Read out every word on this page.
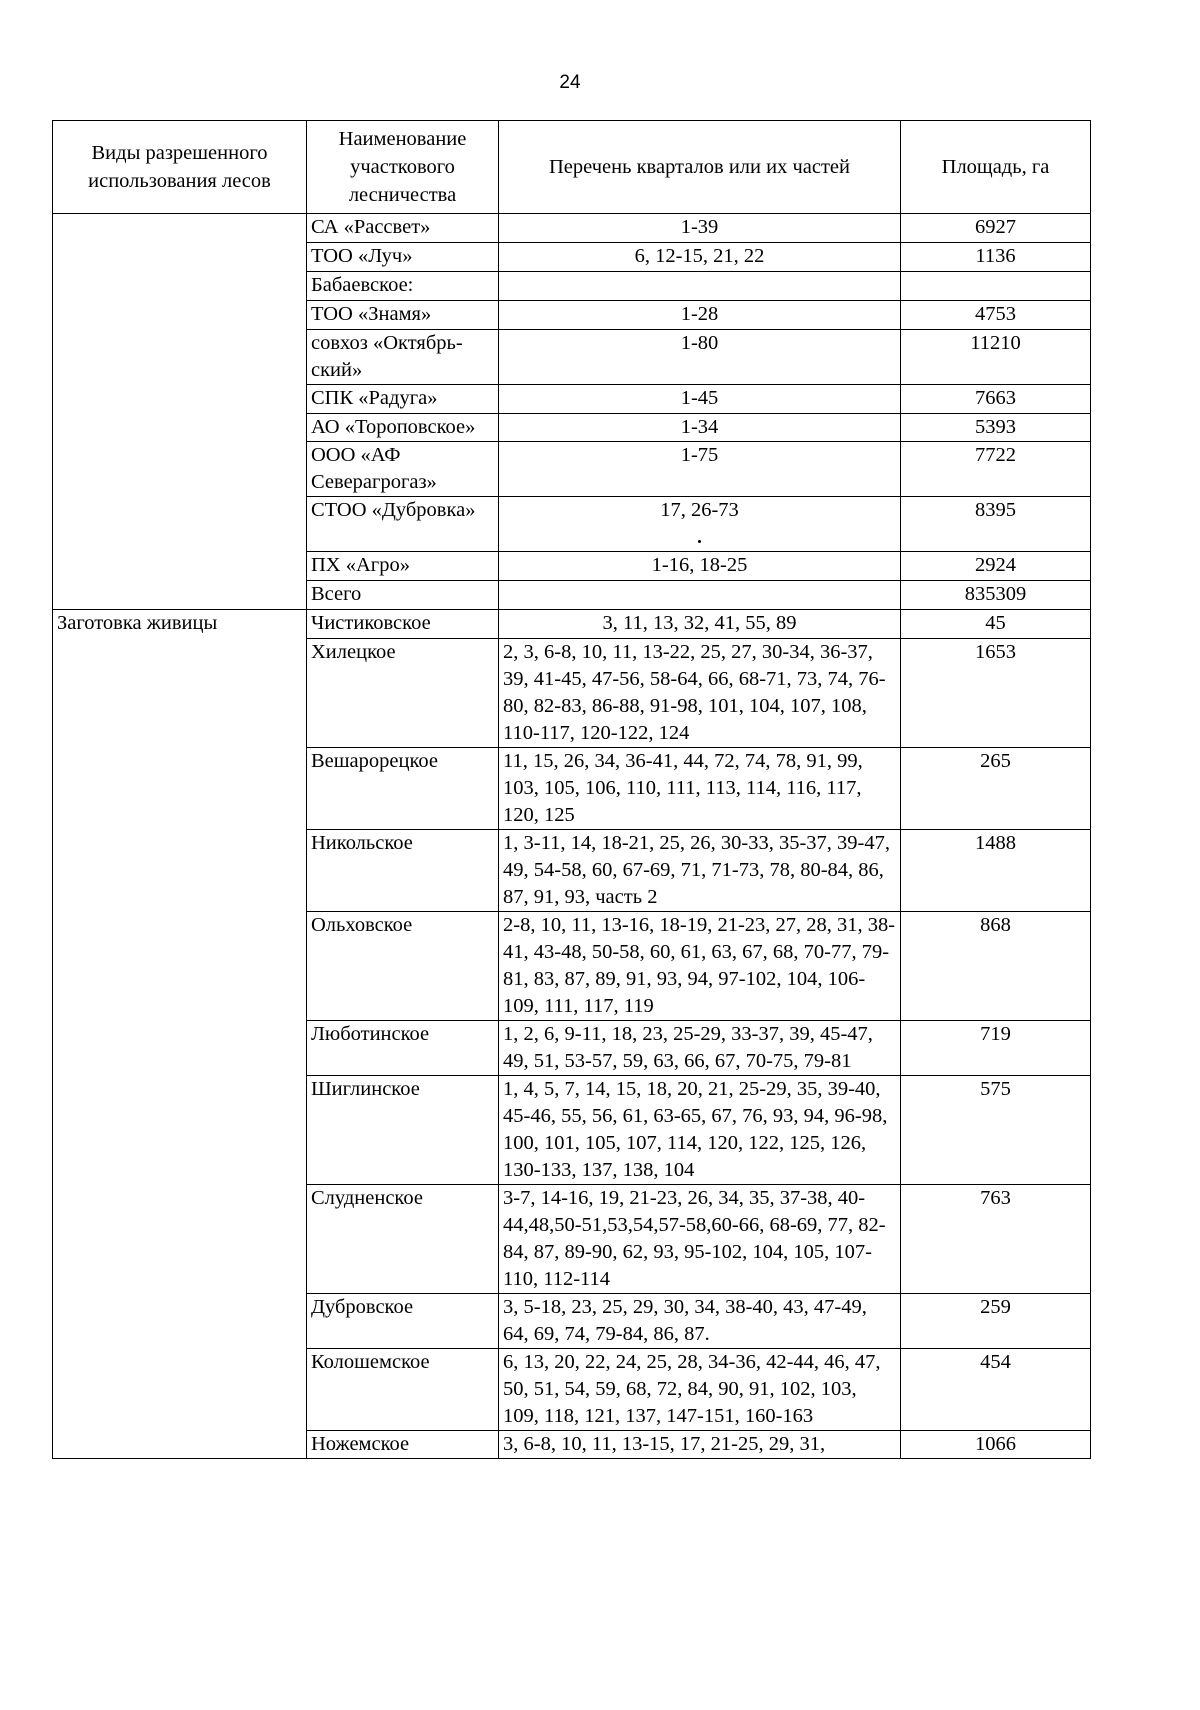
24
Виды разрешенного использования лесов	Наименование участкового лесничества	Перечень кварталов или их частей	Площадь, га
	СА «Рассвет»	1-39	6927
	ТОО «Луч»	6, 12-15, 21, 22	1136
	Бабаевское:		
	ТОО «Знамя»	1-28	4753
	совхоз «Октябрь-ский»	1-80	11210
	СПК «Радуга»	1-45	7663
	АО «Тороповское»	1-34	5393
	ООО «АФ Северагрогаз»	1-75	7722
	СТОО «Дубровка»	17, 26-73	8395
	ПХ «Агро»	1-16, 18-25	2924
	Всего		835309
Заготовка живицы	Чистиковское	3, 11, 13, 32, 41, 55, 89	45
	Хилецкое	2, 3, 6-8, 10, 11, 13-22, 25, 27, 30-34, 36-37, 39, 41-45, 47-56, 58-64, 66, 68-71, 73, 74, 76-80, 82-83, 86-88, 91-98, 101, 104, 107, 108, 110-117, 120-122, 124	1653
	Вешарорецкое	11, 15, 26, 34, 36-41, 44, 72, 74, 78, 91, 99, 103, 105, 106, 110, 111, 113, 114, 116, 117, 120, 125	265
	Никольское	1, 3-11, 14, 18-21, 25, 26, 30-33, 35-37, 39-47, 49, 54-58, 60, 67-69, 71, 71-73, 78, 80-84, 86, 87, 91, 93, часть 2	1488
	Ольховское	2-8, 10, 11, 13-16, 18-19, 21-23, 27, 28, 31, 38-41, 43-48, 50-58, 60, 61, 63, 67, 68, 70-77, 79-81, 83, 87, 89, 91, 93, 94, 97-102, 104, 106-109, 111, 117, 119	868
	Люботинское	1, 2, 6, 9-11, 18, 23, 25-29, 33-37, 39, 45-47, 49, 51, 53-57, 59, 63, 66, 67, 70-75, 79-81	719
	Шиглинское	1, 4, 5, 7, 14, 15, 18, 20, 21, 25-29, 35, 39-40, 45-46, 55, 56, 61, 63-65, 67, 76, 93, 94, 96-98, 100, 101, 105, 107, 114, 120, 122, 125, 126, 130-133, 137, 138, 104	575
	Слудненское	3-7, 14-16, 19, 21-23, 26, 34, 35, 37-38, 40-44,48,50-51,53,54,57-58,60-66, 68-69, 77, 82-84, 87, 89-90, 62, 93, 95-102, 104, 105, 107-110, 112-114	763
	Дубровское	3, 5-18, 23, 25, 29, 30, 34, 38-40, 43, 47-49, 64, 69, 74, 79-84, 86, 87.	259
	Колошемское	6, 13, 20, 22, 24, 25, 28, 34-36, 42-44, 46, 47, 50, 51, 54, 59, 68, 72, 84, 90, 91, 102, 103, 109, 118, 121, 137, 147-151, 160-163	454
	Ножемское	3, 6-8, 10, 11, 13-15, 17, 21-25, 29, 31,	1066
